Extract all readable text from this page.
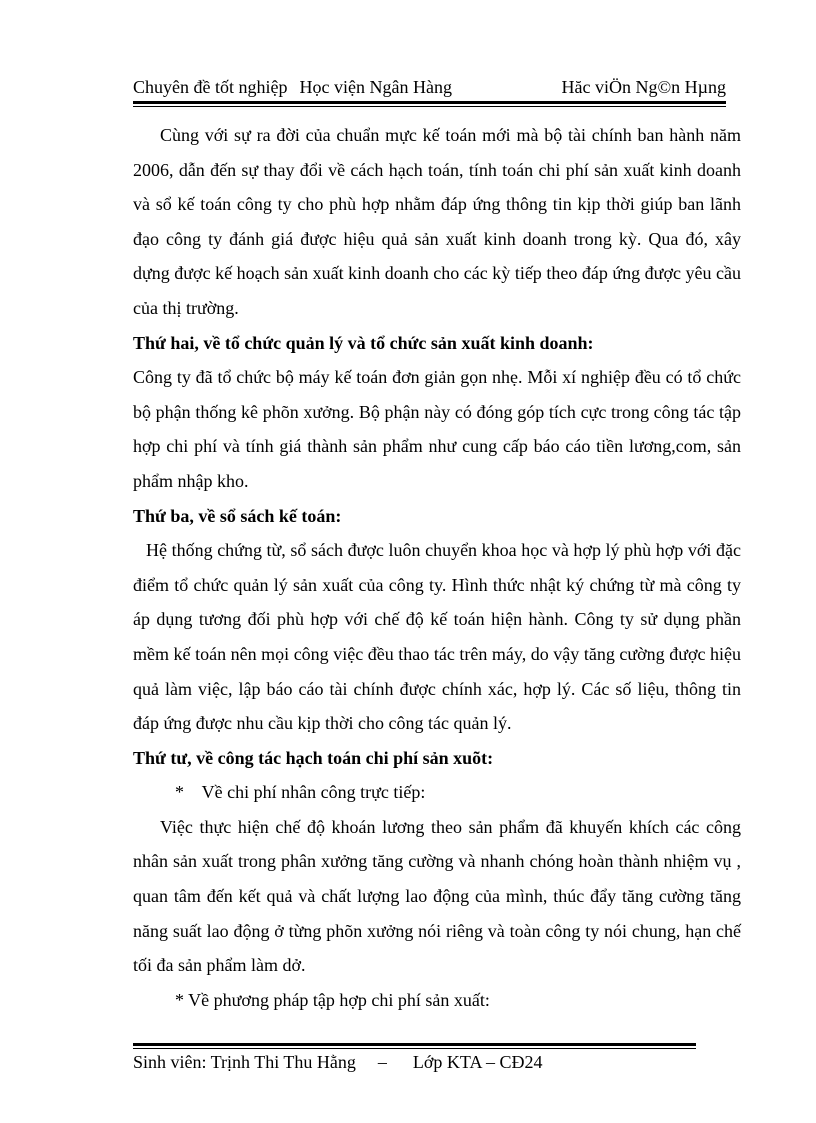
Chuyên đề tốt nghiệp Học viện Ngân Hàng	Hăc viÖn Ng©n Hµng

Cùng với sự ra đời của chuẩn mực kế toán mới mà bộ tài chính ban hành năm 2006, dẫn đến sự thay đổi về cách hạch toán, tính toán chi phí sản xuất kinh doanh và sổ kế toán công ty cho phù hợp nhằm đáp ứng thông tin kịp thời giúp ban lãnh đạo công ty đánh giá được hiệu quả sản xuất kinh doanh trong kỳ. Qua đó, xây dựng được kế hoạch sản xuất kinh doanh cho các kỳ tiếp theo đáp ứng được yêu cầu của thị trường.

Thứ hai, về tổ chức quản lý và tổ chức sản xuất kinh doanh:

Công ty đã tổ chức bộ máy kế toán đơn giản gọn nhẹ. Mỗi xí nghiệp đều có tổ chức bộ phận thống kê phõn xưởng. Bộ phận này có đóng góp tích cực trong công tác tập hợp chi phí và tính giá thành sản phẩm như cung cấp báo cáo tiền lương,com, sản phẩm nhập kho.

Thứ ba, về sổ sách kế toán:

Hệ thống chứng từ, sổ sách được luôn chuyển khoa học và hợp lý phù hợp với đặc điểm tổ chức quản lý sản xuất của công ty. Hình thức nhật ký chứng từ mà công ty áp dụng tương đối phù hợp với chế độ kế toán hiện hành. Công ty sử dụng phần mềm kế toán nên mọi công việc đều thao tác trên máy, do vậy tăng cường được hiệu quả làm việc, lập báo cáo tài chính được chính xác, hợp lý. Các số liệu, thông tin đáp ứng được nhu cầu kịp thời cho công tác quản lý.

Thứ tư, về công tác hạch toán chi phí sản xuõt:

*    Về chi phí nhân công trực tiếp:

Việc thực hiện chế độ khoán lương theo sản phẩm đã khuyến khích các công nhân sản xuất trong phân xưởng tăng cường và nhanh chóng hoàn thành nhiệm vụ , quan tâm đến kết quả và chất lượng lao động của mình, thúc đẩy tăng cường tăng năng suất lao động ở từng phõn xưởng nói riêng và toàn công ty nói chung, hạn chế tối đa sản phẩm làm dở.

* Về phương pháp tập hợp chi phí sản xuất:

Sinh viên: Trịnh Thi Thu Hằng – Lớp KTA – CĐ24
